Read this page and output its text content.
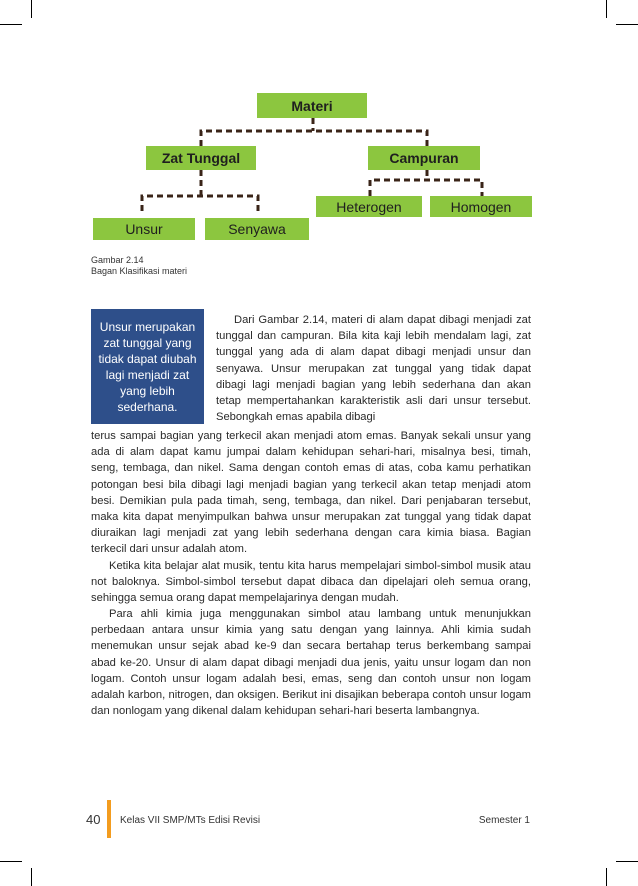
Materi
Zat Tunggal	Campuran
Heterogen	Homogen
Unsur	Senyawa
Gambar 2.14
Bagan Klasifikasi materi
Unsur merupakan zat tunggal yang tidak dapat diubah lagi menjadi zat yang lebih sederhana.
Dari Gambar 2.14, materi di alam dapat dibagi menjadi zat tunggal dan campuran. Bila kita kaji lebih mendalam lagi, zat tunggal yang ada di alam dapat dibagi menjadi unsur dan senyawa. Unsur merupakan zat tunggal yang tidak dapat dibagi lagi menjadi bagian yang lebih sederhana dan akan tetap mempertahankan karakteristik asli dari unsur tersebut. Sebongkah emas apabila dibagi
terus sampai bagian yang terkecil akan menjadi atom emas. Banyak sekali unsur yang ada di alam dapat kamu jumpai dalam kehidupan sehari-hari, misalnya besi, timah, seng, tembaga, dan nikel. Sama dengan contoh emas di atas, coba kamu perhatikan potongan besi bila dibagi lagi menjadi bagian yang terkecil akan tetap menjadi atom besi. Demikian pula pada timah, seng, tembaga, dan nikel. Dari penjabaran tersebut, maka kita dapat menyimpulkan bahwa unsur merupakan zat tunggal yang tidak dapat diuraikan lagi menjadi zat yang lebih sederhana dengan cara kimia biasa. Bagian terkecil dari unsur adalah atom.
Ketika kita belajar alat musik, tentu kita harus mempelajari simbol-simbol musik atau not baloknya. Simbol-simbol tersebut dapat dibaca dan dipelajari oleh semua orang, sehingga semua orang dapat mempelajarinya dengan mudah.
Para ahli kimia juga menggunakan simbol atau lambang untuk menunjukkan perbedaan antara unsur kimia yang satu dengan yang lainnya. Ahli kimia sudah menemukan unsur sejak abad ke-9 dan secara bertahap terus berkembang sampai abad ke-20. Unsur di alam dapat dibagi menjadi dua jenis, yaitu unsur logam dan non logam. Contoh unsur logam adalah besi, emas, seng dan contoh unsur non logam adalah karbon, nitrogen, dan oksigen. Berikut ini disajikan beberapa contoh unsur logam dan nonlogam yang dikenal dalam kehidupan sehari-hari beserta lambangnya.
40 Kelas VII SMP/MTs Edisi Revisi	Semester 1
